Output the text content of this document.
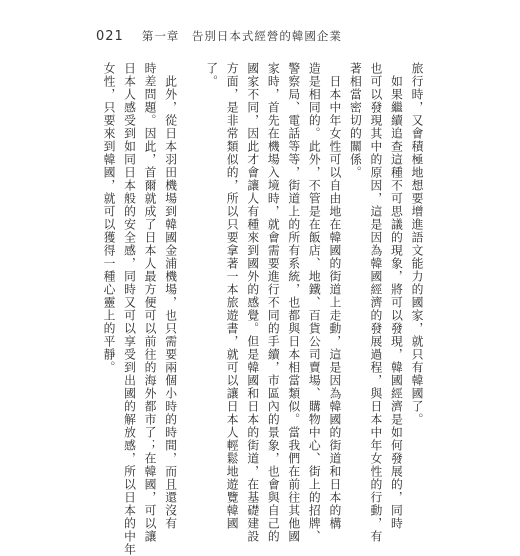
021 第一章　告別日本式經營的韓國企業
旅行時，又會積極地想要增進語文能力的國家，就只有韓國了。
　如果繼續追查這種不可思議的現象，將可以發現，韓國經濟是如何發展的，同時
也可以發現其中的原因，這是因為韓國經濟的發展過程，與日本中年女性的行動，有
著相當密切的關係。
　日本中年女性可以自由地在韓國的街道上走動，這是因為韓國的街道和日本的構
造是相同的。此外，不管是在飯店、地鐵、百貨公司賣場、購物中心、街上的招牌、
警察局、電話等等，街道上的所有系統，也都與日本相當類似。當我們在前往其他國
家時，首先在機場入境時，就會需要進行不同的手續，市區內的景象，也會與自己的
國家不同，因此才會讓人有種來到國外的感覺。但是韓國和日本的街道，在基礎建設
方面，是非常類似的，所以只要拿著一本旅遊書，就可以讓日本人輕鬆地遊覽韓國
了。
　此外，從日本羽田機場到韓國金浦機場，也只需要兩個小時的時間，而且還沒有
時差問題。因此，首爾就成了日本人最方便可以前往的海外都市了；在韓國，可以讓
日本人感受到如同日本般的安全感，同時又可以享受到出國的解放感，所以日本的中年
女性，只要來到韓國，就可以獲得一種心靈上的平靜。
